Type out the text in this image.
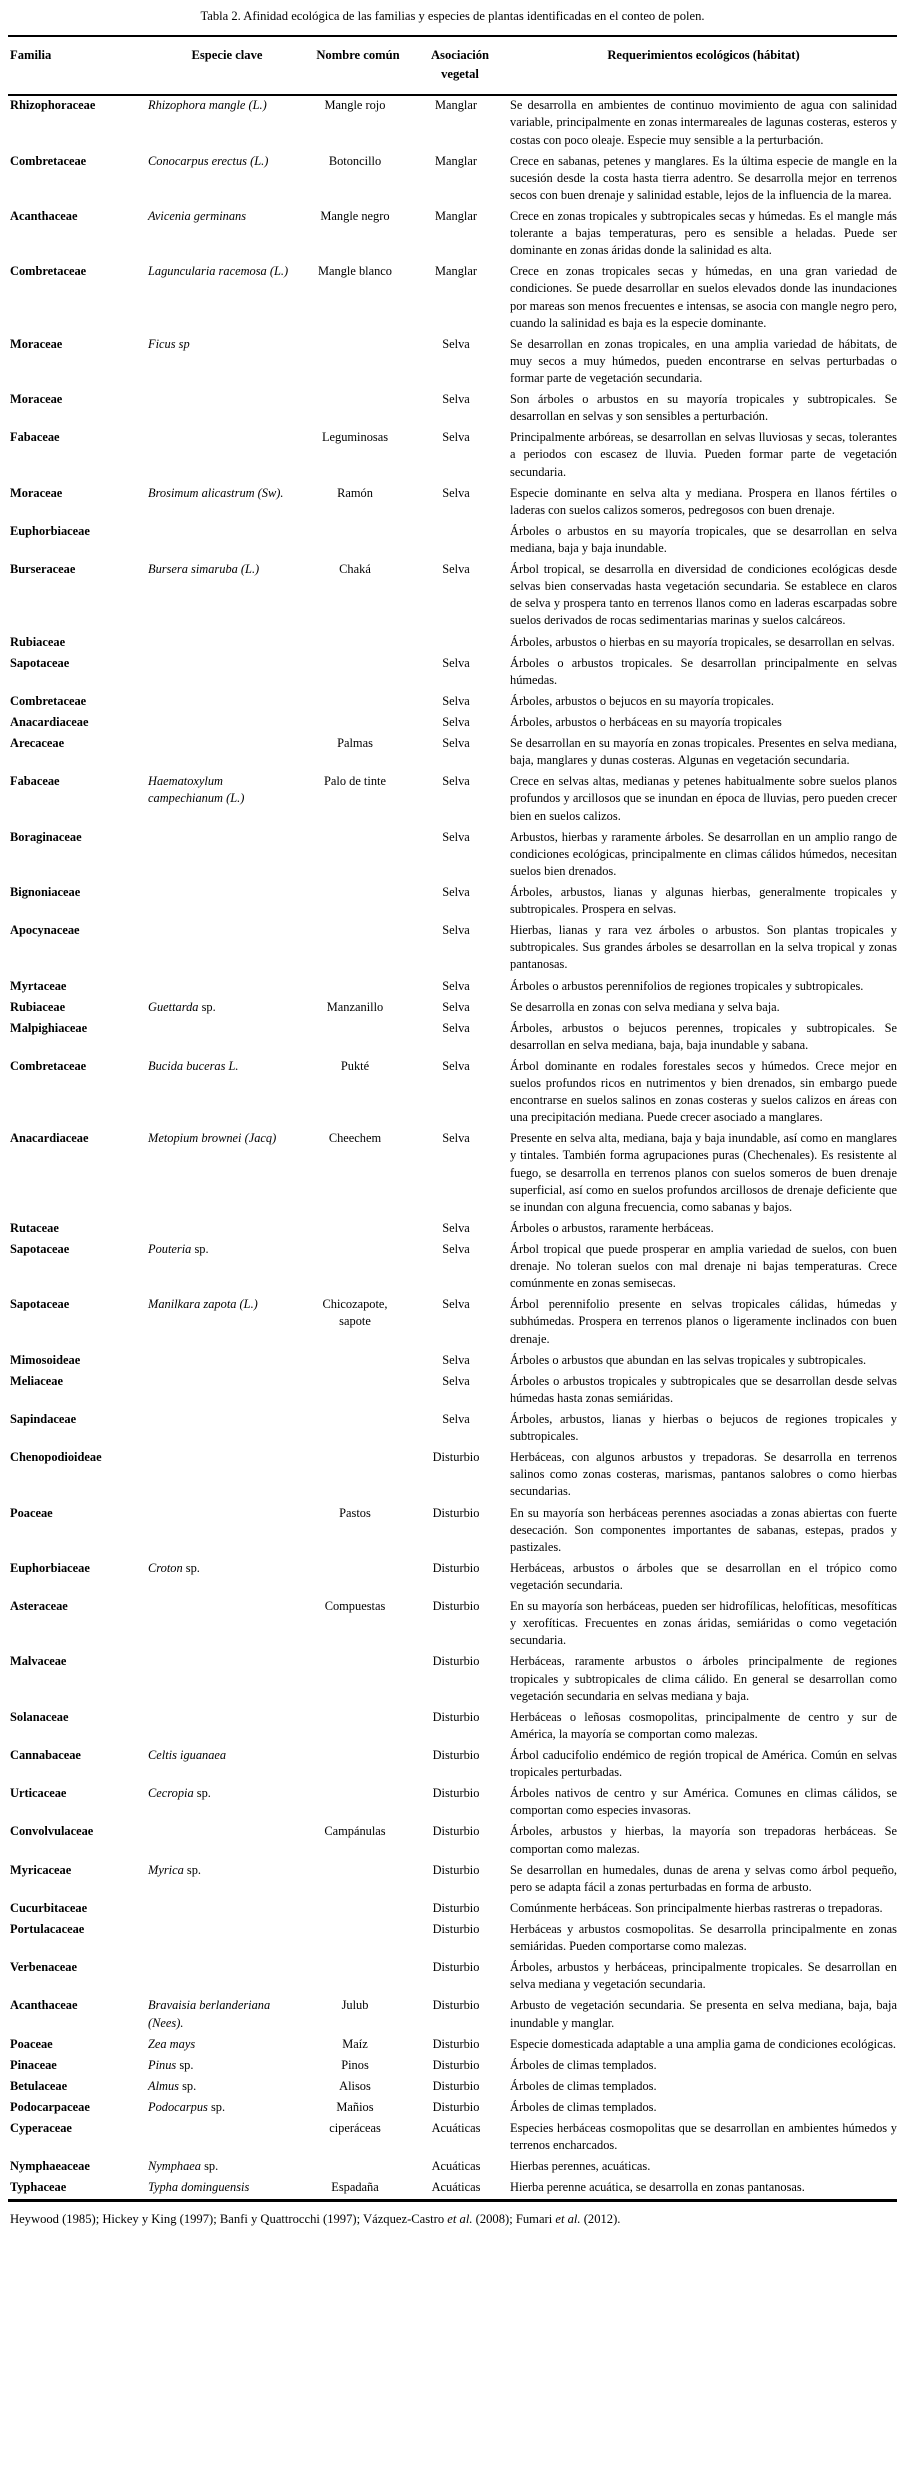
Tabla 2. Afinidad ecológica de las familias y especies de plantas identificadas en el conteo de polen.
Familia	Especie clave	Nombre común	Asociación vegetal	Requerimientos ecológicos (hábitat)
Rhizophoraceae	Rhizophora mangle (L.)	Mangle rojo	Manglar	Se desarrolla en ambientes de continuo movimiento de agua con salinidad variable, principalmente en zonas intermareales de lagunas costeras, esteros y costas con poco oleaje. Especie muy sensible a la perturbación.
Combretaceae	Conocarpus erectus (L.)	Botoncillo	Manglar	Crece en sabanas, petenes y manglares. Es la última especie de mangle en la sucesión desde la costa hasta tierra adentro. Se desarrolla mejor en terrenos secos con buen drenaje y salinidad estable, lejos de la influencia de la marea.
Acanthaceae	Avicenia germinans	Mangle negro	Manglar	Crece en zonas tropicales y subtropicales secas y húmedas. Es el mangle más tolerante a bajas temperaturas, pero es sensible a heladas. Puede ser dominante en zonas áridas donde la salinidad es alta.
Combretaceae	Laguncularia racemosa (L.)	Mangle blanco	Manglar	Crece en zonas tropicales secas y húmedas, en una gran variedad de condiciones. Se puede desarrollar en suelos elevados donde las inundaciones por mareas son menos frecuentes e intensas, se asocia con mangle negro pero, cuando la salinidad es baja es la especie dominante.
Moraceae	Ficus sp		Selva	Se desarrollan en zonas tropicales, en una amplia variedad de hábitats, de muy secos a muy húmedos, pueden encontrarse en selvas perturbadas o formar parte de vegetación secundaria.
Moraceae			Selva	Son árboles o arbustos en su mayoría tropicales y subtropicales. Se desarrollan en selvas y son sensibles a perturbación.
Fabaceae		Leguminosas	Selva	Principalmente arbóreas, se desarrollan en selvas lluviosas y secas, tolerantes a periodos con escasez de lluvia. Pueden formar parte de vegetación secundaria.
Moraceae	Brosimum alicastrum (Sw).	Ramón	Selva	Especie dominante en selva alta y mediana. Prospera en llanos fértiles o laderas con suelos calizos someros, pedregosos con buen drenaje.
Euphorbiaceae				Árboles o arbustos en su mayoría tropicales, que se desarrollan en selva mediana, baja y baja inundable.
Burseraceae	Bursera simaruba (L.)	Chaká	Selva	Árbol tropical, se desarrolla en diversidad de condiciones ecológicas desde selvas bien conservadas hasta vegetación secundaria. Se establece en claros de selva y prospera tanto en terrenos llanos como en laderas escarpadas sobre suelos derivados de rocas sedimentarias marinas y suelos calcáreos.
Rubiaceae				Árboles, arbustos o hierbas en su mayoría tropicales, se desarrollan en selvas.
Sapotaceae			Selva	Árboles o arbustos tropicales. Se desarrollan principalmente en selvas húmedas.
Combretaceae			Selva	Árboles, arbustos o bejucos en su mayoría tropicales.
Anacardiaceae			Selva	Árboles, arbustos o herbáceas en su mayoría tropicales
Arecaceae		Palmas	Selva	Se desarrollan en su mayoría en zonas tropicales. Presentes en selva mediana, baja, manglares y dunas costeras. Algunas en vegetación secundaria.
Fabaceae	Haematoxylum campechianum (L.)	Palo de tinte	Selva	Crece en selvas altas, medianas y petenes habitualmente sobre suelos planos profundos y arcillosos que se inundan en época de lluvias, pero pueden crecer bien en suelos calizos.
Boraginaceae			Selva	Arbustos, hierbas y raramente árboles. Se desarrollan en un amplio rango de condiciones ecológicas, principalmente en climas cálidos húmedos, necesitan suelos bien drenados.
Bignoniaceae			Selva	Árboles, arbustos, lianas y algunas hierbas, generalmente tropicales y subtropicales. Prospera en selvas.
Apocynaceae			Selva	Hierbas, lianas y rara vez árboles o arbustos. Son plantas tropicales y subtropicales. Sus grandes árboles se desarrollan en la selva tropical y zonas pantanosas.
Myrtaceae			Selva	Árboles o arbustos perennifolios de regiones tropicales y subtropicales.
Rubiaceae	Guettarda sp.	Manzanillo	Selva	Se desarrolla en zonas con selva mediana y selva baja.
Malpighiaceae			Selva	Árboles, arbustos o bejucos perennes, tropicales y subtropicales. Se desarrollan en selva mediana, baja, baja inundable y sabana.
Combretaceae	Bucida buceras L.	Pukté	Selva	Árbol dominante en rodales forestales secos y húmedos. Crece mejor en suelos profundos ricos en nutrimentos y bien drenados, sin embargo puede encontrarse en suelos salinos en zonas costeras y suelos calizos en áreas con una precipitación mediana. Puede crecer asociado a manglares.
Anacardiaceae	Metopium brownei (Jacq)	Cheechem	Selva	Presente en selva alta, mediana, baja y baja inundable, así como en manglares y tintales. También forma agrupaciones puras (Chechenales). Es resistente al fuego, se desarrolla en terrenos planos con suelos someros de buen drenaje superficial, así como en suelos profundos arcillosos de drenaje deficiente que se inundan con alguna frecuencia, como sabanas y bajos.
Rutaceae			Selva	Árboles o arbustos, raramente herbáceas.
Sapotaceae	Pouteria sp.		Selva	Árbol tropical que puede prosperar en amplia variedad de suelos, con buen drenaje. No toleran suelos con mal drenaje ni bajas temperaturas. Crece comúnmente en zonas semisecas.
Sapotaceae	Manilkara zapota (L.)	Chicozapote, sapote	Selva	Árbol perennifolio presente en selvas tropicales cálidas, húmedas y subhúmedas. Prospera en terrenos planos o ligeramente inclinados con buen drenaje.
Mimosoideae			Selva	Árboles o arbustos que abundan en las selvas tropicales y subtropicales.
Meliaceae			Selva	Árboles o arbustos tropicales y subtropicales que se desarrollan desde selvas húmedas hasta zonas semiáridas.
Sapindaceae			Selva	Árboles, arbustos, lianas y hierbas o bejucos de regiones tropicales y subtropicales.
Chenopodioideae			Disturbio	Herbáceas, con algunos arbustos y trepadoras. Se desarrolla en terrenos salinos como zonas costeras, marismas, pantanos salobres o como hierbas secundarias.
Poaceae		Pastos	Disturbio	En su mayoría son herbáceas perennes asociadas a zonas abiertas con fuerte desecación. Son componentes importantes de sabanas, estepas, prados y pastizales.
Euphorbiaceae	Croton sp.		Disturbio	Herbáceas, arbustos o árboles que se desarrollan en el trópico como vegetación secundaria.
Asteraceae		Compuestas	Disturbio	En su mayoría son herbáceas, pueden ser hidrofílicas, helofíticas, mesofíticas y xerofíticas. Frecuentes en zonas áridas, semiáridas o como vegetación secundaria.
Malvaceae			Disturbio	Herbáceas, raramente arbustos o árboles principalmente de regiones tropicales y subtropicales de clima cálido. En general se desarrollan como vegetación secundaria en selvas mediana y baja.
Solanaceae			Disturbio	Herbáceas o leñosas cosmopolitas, principalmente de centro y sur de América, la mayoría se comportan como malezas.
Cannabaceae	Celtis iguanaea		Disturbio	Árbol caducifolio endémico de región tropical de América. Común en selvas tropicales perturbadas.
Urticaceae	Cecropia sp.		Disturbio	Árboles nativos de centro y sur América. Comunes en climas cálidos, se comportan como especies invasoras.
Convolvulaceae		Campánulas	Disturbio	Árboles, arbustos y hierbas, la mayoría son trepadoras herbáceas. Se comportan como malezas.
Myricaceae	Myrica sp.		Disturbio	Se desarrollan en humedales, dunas de arena y selvas como árbol pequeño, pero se adapta fácil a zonas perturbadas en forma de arbusto.
Cucurbitaceae			Disturbio	Comúnmente herbáceas. Son principalmente hierbas rastreras o trepadoras.
Portulacaceae			Disturbio	Herbáceas y arbustos cosmopolitas. Se desarrolla principalmente en zonas semiáridas. Pueden comportarse como malezas.
Verbenaceae			Disturbio	Árboles, arbustos y herbáceas, principalmente tropicales. Se desarrollan en selva mediana y vegetación secundaria.
Acanthaceae	Bravaisia berlanderiana (Nees).	Julub	Disturbio	Arbusto de vegetación secundaria. Se presenta en selva mediana, baja, baja inundable y manglar.
Poaceae	Zea mays	Maíz	Disturbio	Especie domesticada adaptable a una amplia gama de condiciones ecológicas.
Pinaceae	Pinus sp.	Pinos	Disturbio	Árboles de climas templados.
Betulaceae	Almus sp.	Alisos	Disturbio	Árboles de climas templados.
Podocarpaceae	Podocarpus sp.	Mañios	Disturbio	Árboles de climas templados.
Cyperaceae		ciperáceas	Acuáticas	Especies herbáceas cosmopolitas que se desarrollan en ambientes húmedos y terrenos encharcados.
Nymphaeaceae	Nymphaea sp.		Acuáticas	Hierbas perennes, acuáticas.
Typhaceae	Typha dominguensis	Espadaña	Acuáticas	Hierba perenne acuática, se desarrolla en zonas pantanosas.
Heywood (1985); Hickey y King (1997); Banfi y Quattrocchi (1997); Vázquez-Castro et al. (2008); Fumari et al. (2012).
